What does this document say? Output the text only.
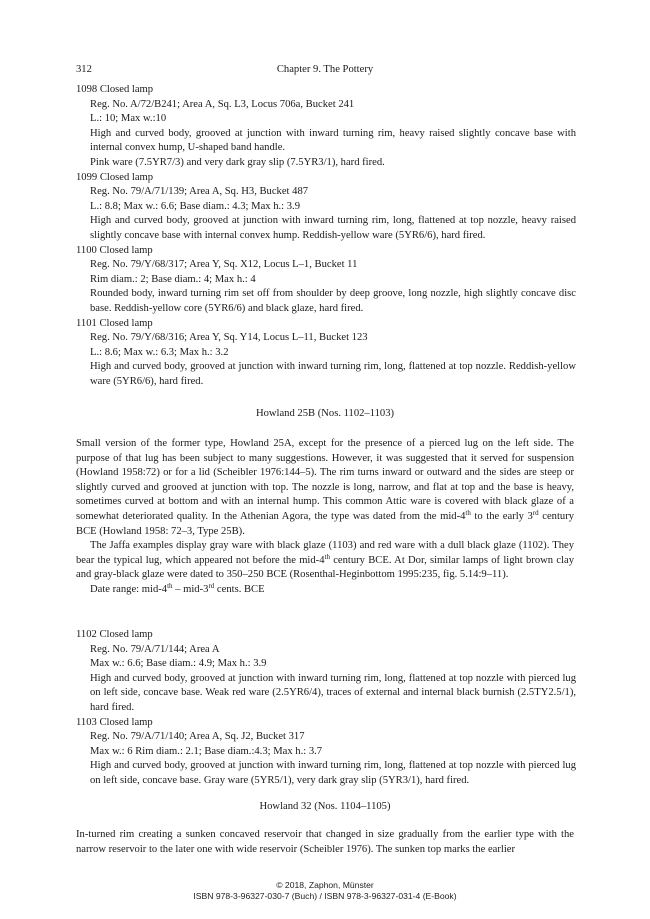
312	Chapter 9. The Pottery

1098 Closed lamp

Reg. No. A/72/B241; Area A, Sq. L3, Locus 706a, Bucket 241

L.: 10; Max w.:10

High and curved body, grooved at junction with inward turning rim, heavy raised slightly concave base with internal convex hump, U-shaped band handle.

Pink ware (7.5YR7/3) and very dark gray slip (7.5YR3/1), hard fired.

1099 Closed lamp

Reg. No. 79/A/71/139; Area A, Sq. H3, Bucket 487

L.: 8.8; Max w.: 6.6; Base diam.: 4.3; Max h.: 3.9

High and curved body, grooved at junction with inward turning rim, long, flattened at top nozzle, heavy raised slightly concave base with internal convex hump. Reddish-yellow ware (5YR6/6), hard fired.

1100 Closed lamp

Reg. No. 79/Y/68/317; Area Y, Sq. X12, Locus L–1, Bucket 11

Rim diam.: 2; Base diam.: 4; Max h.: 4

Rounded body, inward turning rim set off from shoulder by deep groove, long nozzle, high slightly concave disc base. Reddish-yellow core (5YR6/6) and black glaze, hard fired.

1101 Closed lamp

Reg. No. 79/Y/68/316; Area Y, Sq. Y14, Locus L–11, Bucket 123

L.: 8.6; Max w.: 6.3; Max h.: 3.2

High and curved body, grooved at junction with inward turning rim, long, flattened at top nozzle. Reddish-yellow ware (5YR6/6), hard fired.

Howland 25B (Nos. 1102–1103)

Small version of the former type, Howland 25A, except for the presence of a pierced lug on the left side. The purpose of that lug has been subject to many suggestions. However, it was suggested that it served for suspension (Howland 1958:72) or for a lid (Scheibler 1976:144–5). The rim turns inward or outward and the sides are steep or slightly curved and grooved at junction with top. The nozzle is long, narrow, and flat at top and the base is heavy, sometimes curved at bottom and with an internal hump. This common Attic ware is covered with black glaze of a somewhat deteriorated quality. In the Athenian Agora, the type was dated from the mid-4th to the early 3rd century BCE (Howland 1958: 72–3, Type 25B).

The Jaffa examples display gray ware with black glaze (1103) and red ware with a dull black glaze (1102). They bear the typical lug, which appeared not before the mid-4th century BCE. At Dor, similar lamps of light brown clay and gray-black glaze were dated to 350–250 BCE (Rosenthal-Heginbottom 1995:235, fig. 5.14:9–11).

Date range: mid-4th – mid-3rd cents. BCE

1102 Closed lamp

Reg. No. 79/A/71/144; Area A

Max w.: 6.6; Base diam.: 4.9; Max h.: 3.9

High and curved body, grooved at junction with inward turning rim, long, flattened at top nozzle with pierced lug on left side, concave base. Weak red ware (2.5YR6/4), traces of external and internal black burnish (2.5TY2.5/1), hard fired.

1103 Closed lamp

Reg. No. 79/A/71/140; Area A, Sq. J2, Bucket 317

Max w.: 6 Rim diam.: 2.1; Base diam.:4.3; Max h.: 3.7

High and curved body, grooved at junction with inward turning rim, long, flattened at top nozzle with pierced lug on left side, concave base. Gray ware (5YR5/1), very dark gray slip (5YR3/1), hard fired.

Howland 32 (Nos. 1104–1105)

In-turned rim creating a sunken concaved reservoir that changed in size gradually from the earlier type with the narrow reservoir to the later one with wide reservoir (Scheibler 1976). The sunken top marks the earlier

© 2018, Zaphon, Münster
ISBN 978-3-96327-030-7 (Buch) / ISBN 978-3-96327-031-4 (E-Book)
